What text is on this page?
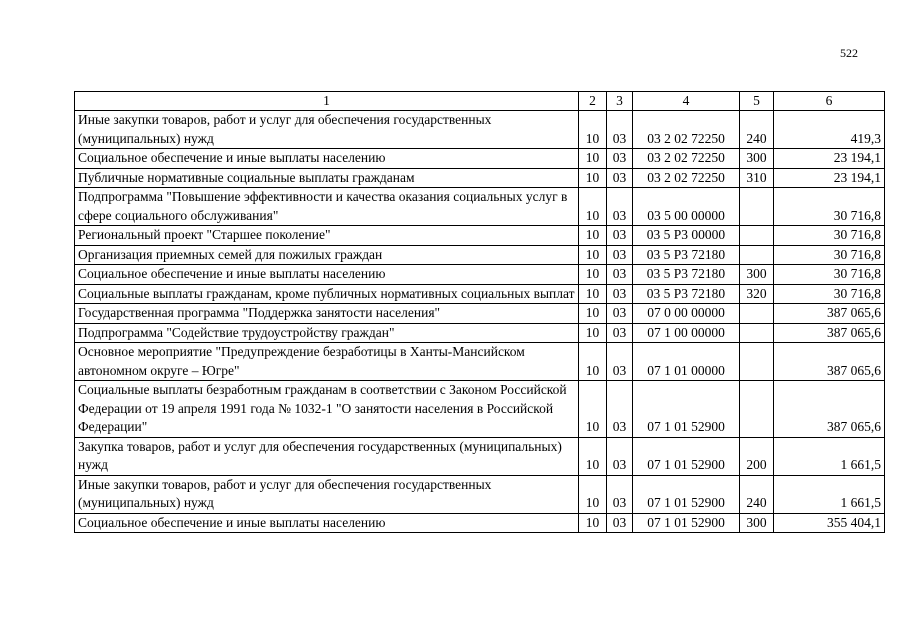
522
1	2	3	4	5	6
Иные закупки товаров, работ и услуг для обеспечения государственных (муниципальных) нужд	10	03	03 2 02 72250	240	419,3
Социальное обеспечение и иные выплаты населению	10	03	03 2 02 72250	300	23 194,1
Публичные нормативные социальные выплаты гражданам	10	03	03 2 02 72250	310	23 194,1
Подпрограмма "Повышение эффективности и качества оказания социальных услуг в сфере социального обслуживания"	10	03	03 5 00 00000		30 716,8
Региональный проект "Старшее поколение"	10	03	03 5 P3 00000		30 716,8
Организация приемных семей для пожилых граждан	10	03	03 5 P3 72180		30 716,8
Социальное обеспечение и иные выплаты населению	10	03	03 5 P3 72180	300	30 716,8
Социальные выплаты гражданам, кроме публичных нормативных социальных выплат	10	03	03 5 P3 72180	320	30 716,8
Государственная программа "Поддержка занятости населения"	10	03	07 0 00 00000		387 065,6
Подпрограмма "Содействие трудоустройству граждан"	10	03	07 1 00 00000		387 065,6
Основное мероприятие "Предупреждение безработицы в Ханты-Мансийском автономном округе – Югре"	10	03	07 1 01 00000		387 065,6
Социальные выплаты безработным гражданам в соответствии с Законом Российской Федерации от 19 апреля 1991 года № 1032-1 "О занятости населения в Российской Федерации"	10	03	07 1 01 52900		387 065,6
Закупка товаров, работ и услуг для обеспечения государственных (муниципальных) нужд	10	03	07 1 01 52900	200	1 661,5
Иные закупки товаров, работ и услуг для обеспечения государственных (муниципальных) нужд	10	03	07 1 01 52900	240	1 661,5
Социальное обеспечение и иные выплаты населению	10	03	07 1 01 52900	300	355 404,1
